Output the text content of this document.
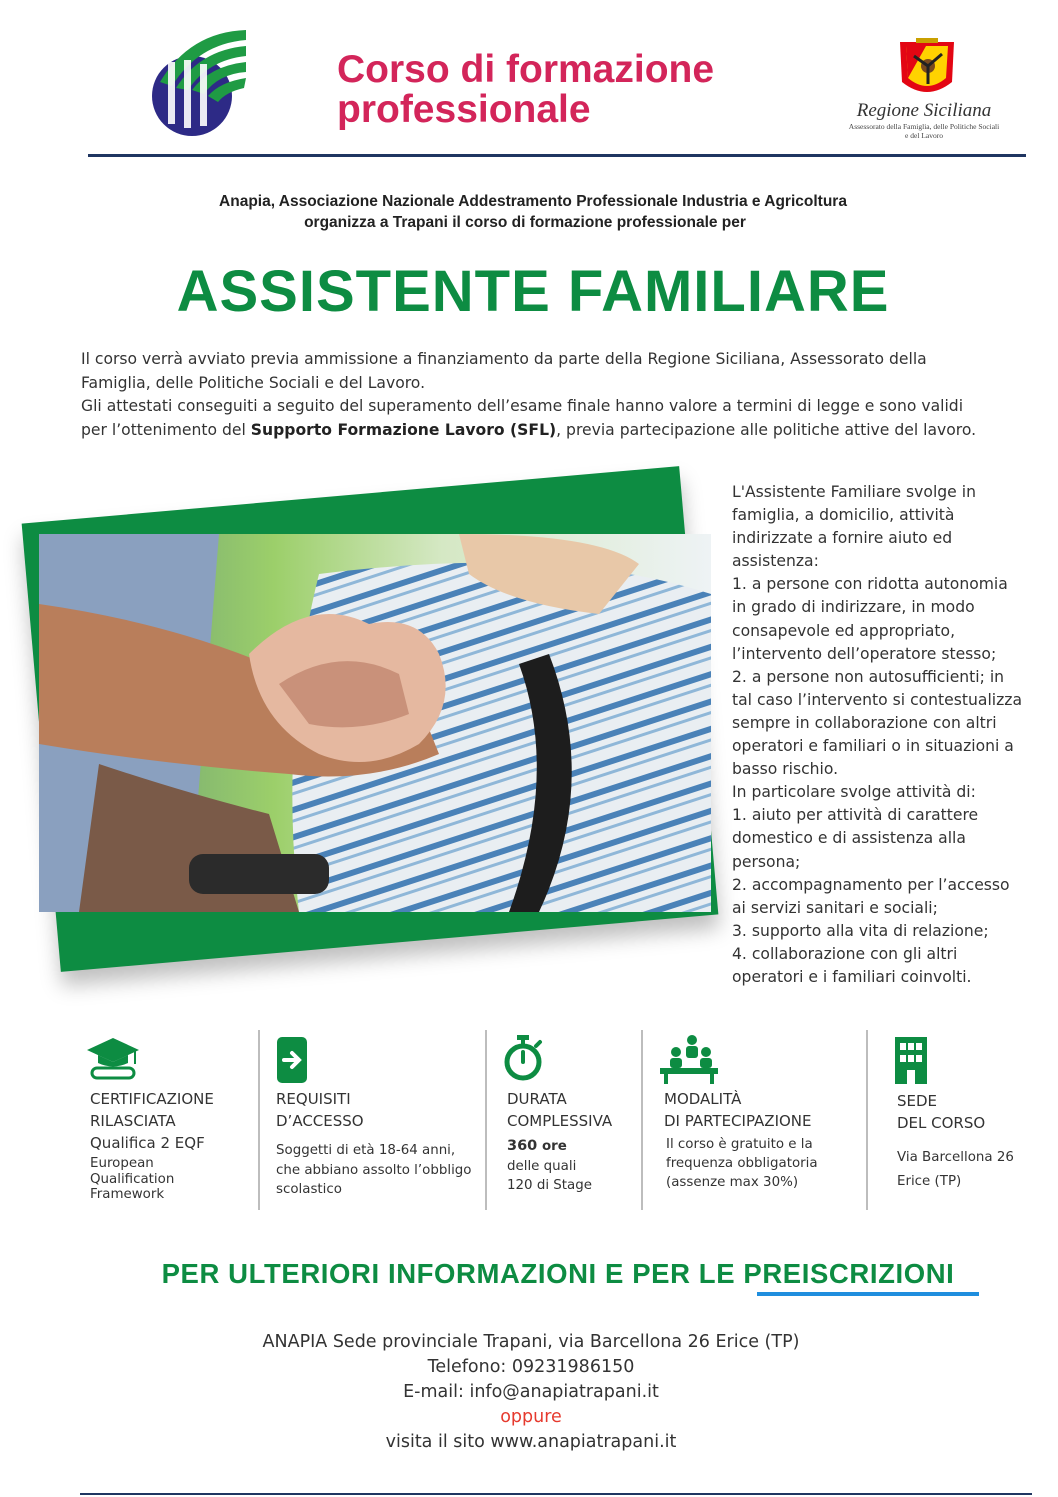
Corso di formazione professionale	Regione Siciliana
Assessorato della Famiglia, delle Politiche Sociali e del Lavoro
Anapia, Associazione Nazionale Addestramento Professionale Industria e Agricoltura
organizza a Trapani il corso di formazione professionale per
ASSISTENTE FAMILIARE
Il corso verrà avviato previa ammissione a finanziamento da parte della Regione Siciliana, Assessorato della
Famiglia, delle Politiche Sociali e del Lavoro.
Gli attestati conseguiti a seguito del superamento dell’esame finale hanno valore a termini di legge e sono validi
per l’ottenimento del Supporto Formazione Lavoro (SFL), previa partecipazione alle politiche attive del lavoro.
L'Assistente Familiare svolge in
famiglia, a domicilio, attività
indirizzate a fornire aiuto ed
assistenza:
1. a persone con ridotta autonomia
in grado di indirizzare, in modo
consapevole ed appropriato,
l’intervento dell’operatore stesso;
2. a persone non autosufficienti; in
tal caso l’intervento si contestualizza
sempre in collaborazione con altri
operatori e familiari o in situazioni a
basso rischio.
In particolare svolge attività di:
1. aiuto per attività di carattere
domestico e di assistenza alla
persona;
2. accompagnamento per l’accesso
ai servizi sanitari e sociali;
3. supporto alla vita di relazione;
4. collaborazione con gli altri
operatori e i familiari coinvolti.
CERTIFICAZIONE
RILASCIATA
Qualifica 2 EQF
European
Qualification
Framework
REQUISITI
D’ACCESSO
Soggetti di età 18-64 anni,
che abbiano assolto l’obbligo
scolastico
DURATA
COMPLESSIVA
360 ore
delle quali
120 di Stage
MODALITÀ
DI PARTECIPAZIONE
Il corso è gratuito e la
frequenza obbligatoria
(assenze max 30%)
SEDE
DEL CORSO
Via Barcellona 26
Erice (TP)
PER ULTERIORI INFORMAZIONI E PER LE PREISCRIZIONI
ANAPIA Sede provinciale Trapani, via Barcellona 26 Erice (TP)
Telefono: 09231986150
E-mail: info@anapiatrapani.it
oppure
visita il sito www.anapiatrapani.it
